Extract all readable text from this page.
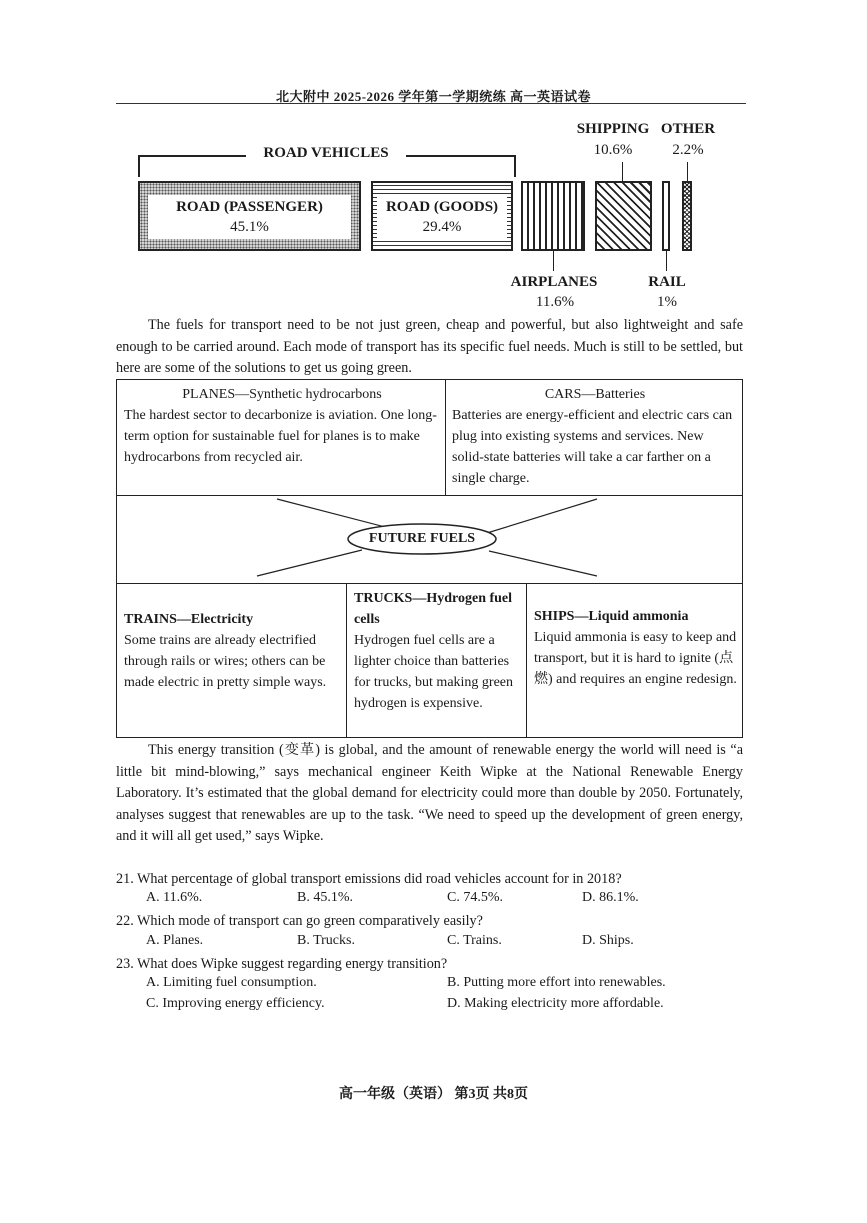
北大附中 2025-2026 学年第一学期统练 高一英语试卷
ROAD VEHICLES
ROAD (PASSENGER)
45.1%
ROAD (GOODS)
29.4%
SHIPPING
10.6%
OTHER
2.2%
AIRPLANES
11.6%
RAIL
1%

The fuels for transport need to be not just green, cheap and powerful, but also lightweight and safe enough to be carried around. Each mode of transport has its specific fuel needs. Much is still to be settled, but here are some of the solutions to get us going green.

PLANES—Synthetic hydrocarbons
The hardest sector to decarbonize is aviation. One long-term option for sustainable fuel for planes is to make hydrocarbons from recycled air.
CARS—Batteries
Batteries are energy-efficient and electric cars can plug into existing systems and services. New solid-state batteries will take a car farther on a single charge.
FUTURE FUELS
TRAINS—Electricity
Some trains are already electrified through rails or wires; others can be made electric in pretty simple ways.
TRUCKS—Hydrogen fuel cells
Hydrogen fuel cells are a lighter choice than batteries for trucks, but making green hydrogen is expensive.
SHIPS—Liquid ammonia
Liquid ammonia is easy to keep and transport, but it is hard to ignite (点燃) and requires an engine redesign.

This energy transition (变革) is global, and the amount of renewable energy the world will need is “a little bit mind-blowing,” says mechanical engineer Keith Wipke at the National Renewable Energy Laboratory. It’s estimated that the global demand for electricity could more than double by 2050. Fortunately, analyses suggest that renewables are up to the task. “We need to speed up the development of green energy, and it will all get used,” says Wipke.

21. What percentage of global transport emissions did road vehicles account for in 2018?
A. 11.6%.	B. 45.1%.	C. 74.5%.	D. 86.1%.
22. Which mode of transport can go green comparatively easily?
A. Planes.	B. Trucks.	C. Trains.	D. Ships.
23. What does Wipke suggest regarding energy transition?
A. Limiting fuel consumption.	B. Putting more effort into renewables.
C. Improving energy efficiency.	D. Making electricity more affordable.
高一年级（英语） 第3页 共8页
